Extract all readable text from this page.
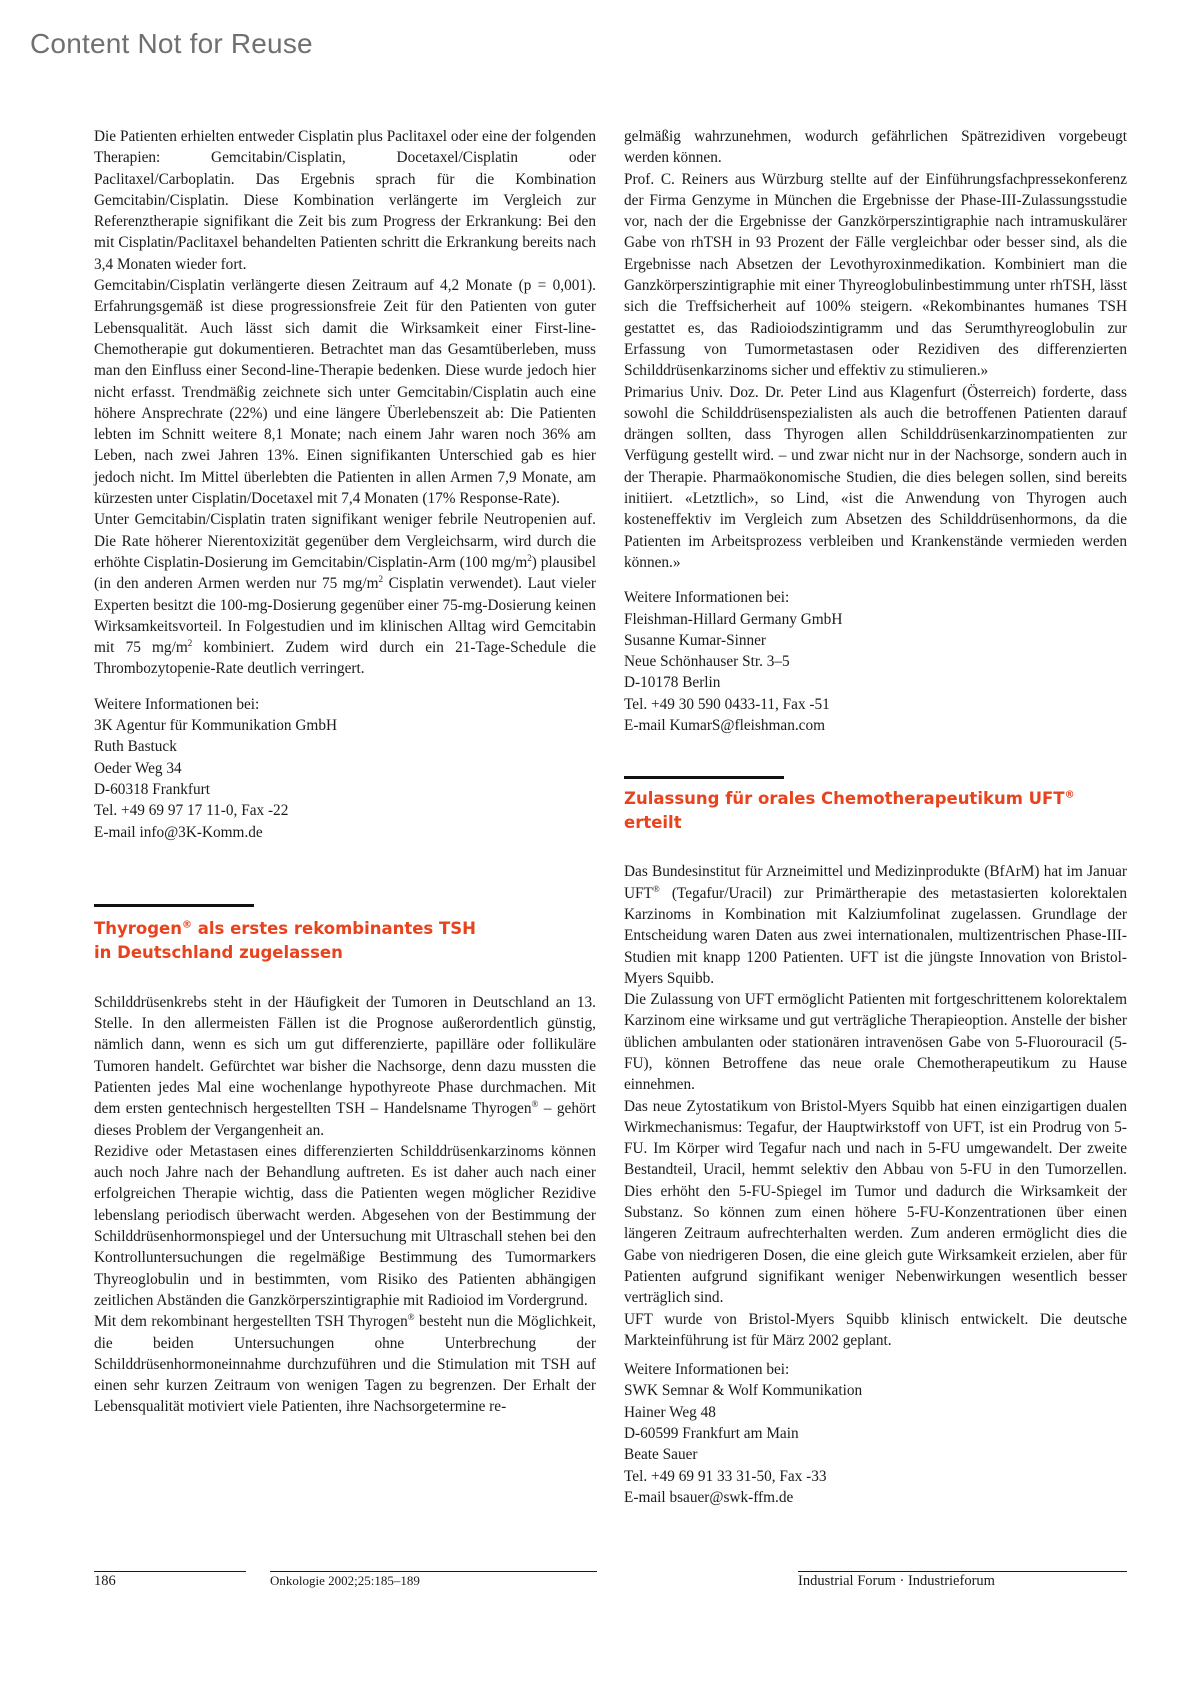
Content Not for Reuse

Die Patienten erhielten entweder Cisplatin plus Paclitaxel oder eine der folgenden Therapien: Gemcitabin/Cisplatin, Docetaxel/Cisplatin oder Paclitaxel/Carboplatin. Das Ergebnis sprach für die Kombination Gemcitabin/Cisplatin. Diese Kombination verlängerte im Vergleich zur Referenztherapie signifikant die Zeit bis zum Progress der Erkrankung: Bei den mit Cisplatin/Paclitaxel behandelten Patienten schritt die Erkrankung bereits nach 3,4 Monaten wieder fort.

Gemcitabin/Cisplatin verlängerte diesen Zeitraum auf 4,2 Monate (p = 0,001). Erfahrungsgemäß ist diese progressionsfreie Zeit für den Patienten von guter Lebensqualität. Auch lässt sich damit die Wirksamkeit einer First-line-Chemotherapie gut dokumentieren. Betrachtet man das Gesamtüberleben, muss man den Einfluss einer Second-line-Therapie bedenken. Diese wurde jedoch hier nicht erfasst. Trendmäßig zeichnete sich unter Gemcitabin/Cisplatin auch eine höhere Ansprechrate (22%) und eine längere Überlebenszeit ab: Die Patienten lebten im Schnitt weitere 8,1 Monate; nach einem Jahr waren noch 36% am Leben, nach zwei Jahren 13%. Einen signifikanten Unterschied gab es hier jedoch nicht. Im Mittel überlebten die Patienten in allen Armen 7,9 Monate, am kürzesten unter Cisplatin/Docetaxel mit 7,4 Monaten (17% Response-Rate).

Unter Gemcitabin/Cisplatin traten signifikant weniger febrile Neutropenien auf. Die Rate höherer Nierentoxizität gegenüber dem Vergleichsarm, wird durch die erhöhte Cisplatin-Dosierung im Gemcitabin/Cisplatin-Arm (100 $mg/m^2$) plausibel (in den anderen Armen werden nur 75 $mg/m^2$ Cisplatin verwendet). Laut vieler Experten besitzt die 100-mg-Dosierung gegenüber einer 75-mg-Dosierung keinen Wirksamkeitsvorteil. In Folgestudien und im klinischen Alltag wird Gemcitabin mit 75 $mg/m^2$ kombiniert. Zudem wird durch ein 21-Tage-Schedule die Thrombozytopenie-Rate deutlich verringert.

Weitere Informationen bei:
3K Agentur für Kommunikation GmbH
Ruth Bastuck
Oeder Weg 34
D-60318 Frankfurt
Tel. +49 69 97 17 11-0, Fax -22
E-mail info@3K-Komm.de
Thyrogen® als erstes rekombinantes TSH
in Deutschland zugelassen

Schilddrüsenkrebs steht in der Häufigkeit der Tumoren in Deutschland an 13. Stelle. In den allermeisten Fällen ist die Prognose außerordentlich günstig, nämlich dann, wenn es sich um gut differenzierte, papilläre oder follikuläre Tumoren handelt. Gefürchtet war bisher die Nachsorge, denn dazu mussten die Patienten jedes Mal eine wochenlange hypothyreote Phase durchmachen. Mit dem ersten gentechnisch hergestellten TSH – Handelsname Thyrogen® – gehört dieses Problem der Vergangenheit an.

Rezidive oder Metastasen eines differenzierten Schilddrüsenkarzinoms können auch noch Jahre nach der Behandlung auftreten. Es ist daher auch nach einer erfolgreichen Therapie wichtig, dass die Patienten wegen möglicher Rezidive lebenslang periodisch überwacht werden. Abgesehen von der Bestimmung der Schilddrüsenhormonspiegel und der Untersuchung mit Ultraschall stehen bei den Kontrolluntersuchungen die regelmäßige Bestimmung des Tumormarkers Thyreoglobulin und in bestimmten, vom Risiko des Patienten abhängigen zeitlichen Abständen die Ganzkörperszintigraphie mit Radioiod im Vordergrund.

Mit dem rekombinant hergestellten TSH Thyrogen® besteht nun die Möglichkeit, die beiden Untersuchungen ohne Unterbrechung der Schilddrüsenhormoneinnahme durchzuführen und die Stimulation mit TSH auf einen sehr kurzen Zeitraum von wenigen Tagen zu begrenzen. Der Erhalt der Lebensqualität motiviert viele Patienten, ihre Nachsorgetermine re-

gelmäßig wahrzunehmen, wodurch gefährlichen Spätrezidiven vorgebeugt werden können.

Prof. C. Reiners aus Würzburg stellte auf der Einführungsfachpressekonferenz der Firma Genzyme in München die Ergebnisse der Phase-III-Zulassungsstudie vor, nach der die Ergebnisse der Ganzkörperszintigraphie nach intramuskulärer Gabe von rhTSH in 93 Prozent der Fälle vergleichbar oder besser sind, als die Ergebnisse nach Absetzen der Levothyroxinmedikation. Kombiniert man die Ganzkörperszintigraphie mit einer Thyreoglobulinbestimmung unter rhTSH, lässt sich die Treffsicherheit auf 100% steigern. «Rekombinantes humanes TSH gestattet es, das Radioiodszintigramm und das Serumthyreoglobulin zur Erfassung von Tumormetastasen oder Rezidiven des differenzierten Schilddrüsenkarzinoms sicher und effektiv zu stimulieren.»

Primarius Univ. Doz. Dr. Peter Lind aus Klagenfurt (Österreich) forderte, dass sowohl die Schilddrüsenspezialisten als auch die betroffenen Patienten darauf drängen sollten, dass Thyrogen allen Schilddrüsenkarzinompatienten zur Verfügung gestellt wird. – und zwar nicht nur in der Nachsorge, sondern auch in der Therapie. Pharmaökonomische Studien, die dies belegen sollen, sind bereits initiiert. «Letztlich», so Lind, «ist die Anwendung von Thyrogen auch kosteneffektiv im Vergleich zum Absetzen des Schilddrüsenhormons, da die Patienten im Arbeitsprozess verbleiben und Krankenstände vermieden werden können.»

Weitere Informationen bei:
Fleishman-Hillard Germany GmbH
Susanne Kumar-Sinner
Neue Schönhauser Str. 3–5
D-10178 Berlin
Tel. +49 30 590 0433-11, Fax -51
E-mail KumarS@fleishman.com
Zulassung für orales Chemotherapeutikum UFT® erteilt

Das Bundesinstitut für Arzneimittel und Medizinprodukte (BfArM) hat im Januar UFT® (Tegafur/Uracil) zur Primärtherapie des metastasierten kolorektalen Karzinoms in Kombination mit Kalziumfolinat zugelassen. Grundlage der Entscheidung waren Daten aus zwei internationalen, multizentrischen Phase-III-Studien mit knapp 1200 Patienten. UFT ist die jüngste Innovation von Bristol-Myers Squibb.

Die Zulassung von UFT ermöglicht Patienten mit fortgeschrittenem kolorektalem Karzinom eine wirksame und gut verträgliche Therapieoption. Anstelle der bisher üblichen ambulanten oder stationären intravenösen Gabe von 5-Fluorouracil (5-FU), können Betroffene das neue orale Chemotherapeutikum zu Hause einnehmen.

Das neue Zytostatikum von Bristol-Myers Squibb hat einen einzigartigen dualen Wirkmechanismus: Tegafur, der Hauptwirkstoff von UFT, ist ein Prodrug von 5-FU. Im Körper wird Tegafur nach und nach in 5-FU umgewandelt. Der zweite Bestandteil, Uracil, hemmt selektiv den Abbau von 5-FU in den Tumorzellen. Dies erhöht den 5-FU-Spiegel im Tumor und dadurch die Wirksamkeit der Substanz. So können zum einen höhere 5-FU-Konzentrationen über einen längeren Zeitraum aufrechterhalten werden. Zum anderen ermöglicht dies die Gabe von niedrigeren Dosen, die eine gleich gute Wirksamkeit erzielen, aber für Patienten aufgrund signifikant weniger Nebenwirkungen wesentlich besser verträglich sind.

UFT wurde von Bristol-Myers Squibb klinisch entwickelt. Die deutsche Markteinführung ist für März 2002 geplant.

Weitere Informationen bei:
SWK Semnar & Wolf Kommunikation
Hainer Weg 48
D-60599 Frankfurt am Main
Beate Sauer
Tel. +49 69 91 33 31-50, Fax -33
E-mail bsauer@swk-ffm.de
186	Onkologie 2002;25:185–189	Industrial Forum · Industrieforum
